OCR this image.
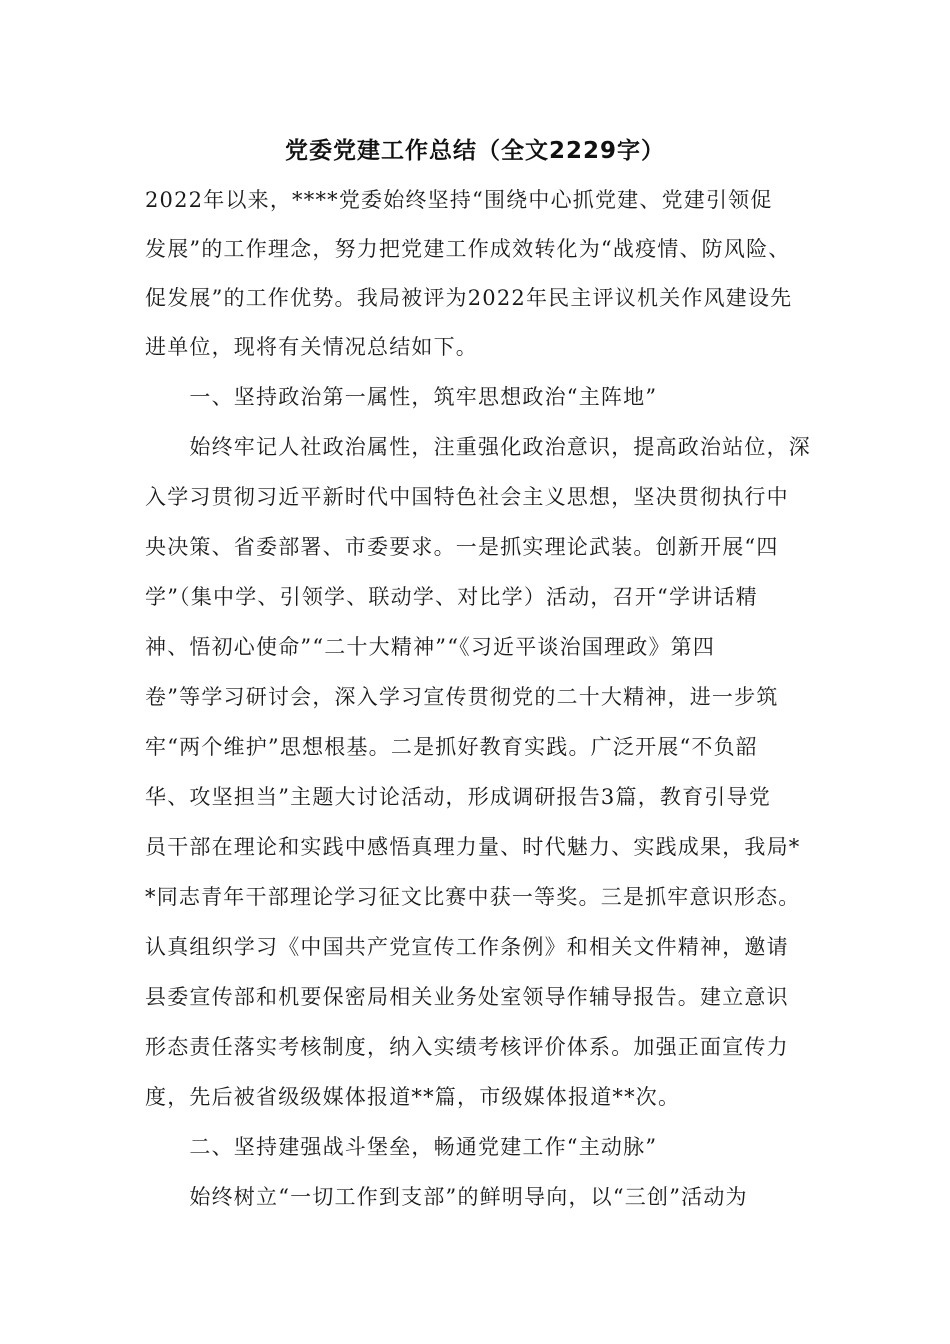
党委党建工作总结（全文2229字）
2022年以来，****党委始终坚持“围绕中心抓党建、党建引领促
发展”的工作理念，努力把党建工作成效转化为“战疫情、防风险、
促发展”的工作优势。我局被评为2022年民主评议机关作风建设先
进单位，现将有关情况总结如下。
　　一、坚持政治第一属性，筑牢思想政治“主阵地”
　　始终牢记人社政治属性，注重强化政治意识，提高政治站位，深
入学习贯彻习近平新时代中国特色社会主义思想，坚决贯彻执行中
央决策、省委部署、市委要求。一是抓实理论武装。创新开展“四
学”（集中学、引领学、联动学、对比学）活动，召开“学讲话精
神、悟初心使命”“二十大精神”“《习近平谈治国理政》第四
卷”等学习研讨会，深入学习宣传贯彻党的二十大精神，进一步筑
牢“两个维护”思想根基。二是抓好教育实践。广泛开展“不负韶
华、攻坚担当”主题大讨论活动，形成调研报告3篇，教育引导党
员干部在理论和实践中感悟真理力量、时代魅力、实践成果，我局*
*同志青年干部理论学习征文比赛中获一等奖。三是抓牢意识形态。
认真组织学习《中国共产党宣传工作条例》和相关文件精神，邀请
县委宣传部和机要保密局相关业务处室领导作辅导报告。建立意识
形态责任落实考核制度，纳入实绩考核评价体系。加强正面宣传力
度，先后被省级级媒体报道**篇，市级媒体报道**次。
　　二、坚持建强战斗堡垒，畅通党建工作“主动脉”
　　始终树立“一切工作到支部”的鲜明导向，以“三创”活动为
